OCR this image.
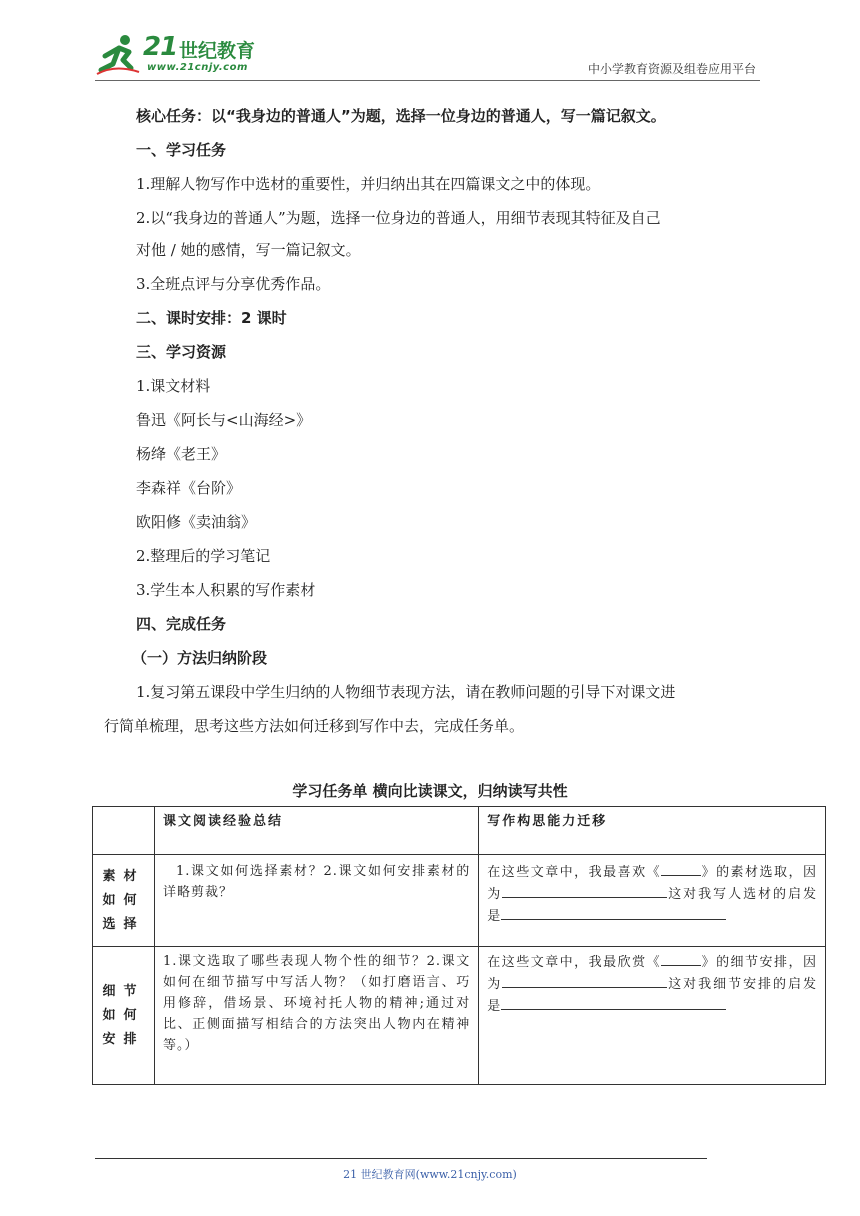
21 世纪教育
www.21cnjy.com	中小学教育资源及组卷应用平台
核心任务：以“我身边的普通人”为题，选择一位身边的普通人，写一篇记叙文。
一、学习任务
1.理解人物写作中选材的重要性，并归纳出其在四篇课文之中的体现。
2.以“我身边的普通人”为题，选择一位身边的普通人，用细节表现其特征及自己
对他 / 她的感情，写一篇记叙文。
3.全班点评与分享优秀作品。
二、课时安排：2 课时
三、学习资源
1.课文材料
鲁迅《阿长与<山海经>》
杨绛《老王》
李森祥《台阶》
欧阳修《卖油翁》
2.整理后的学习笔记
3.学生本人积累的写作素材
四、完成任务
（一）方法归纳阶段
1.复习第五课段中学生归纳的人物细节表现方法，请在教师问题的引导下对课文进
行简单梳理，思考这些方法如何迁移到写作中去，完成任务单。
学习任务单 横向比读课文，归纳读写共性
	课文阅读经验总结	写作构思能力迁移
素材如何选择	1.课文如何选择素材？2.课文如何安排素材的详略剪裁？	在这些文章中，我最喜欢《 》的素材选取，因为 这对我写人选材的启发是
细节如何安排	1.课文选取了哪些表现人物个性的细节？2.课文如何在细节描写中写活人物？（如打磨语言、巧用修辞，借场景、环境衬托人物的精神;通过对比、正侧面描写相结合的方法突出人物内在精神等。）	在这些文章中，我最欣赏《 》的细节安排，因为 这对我细节安排的启发是
21 世纪教育网(www.21cnjy.com)
